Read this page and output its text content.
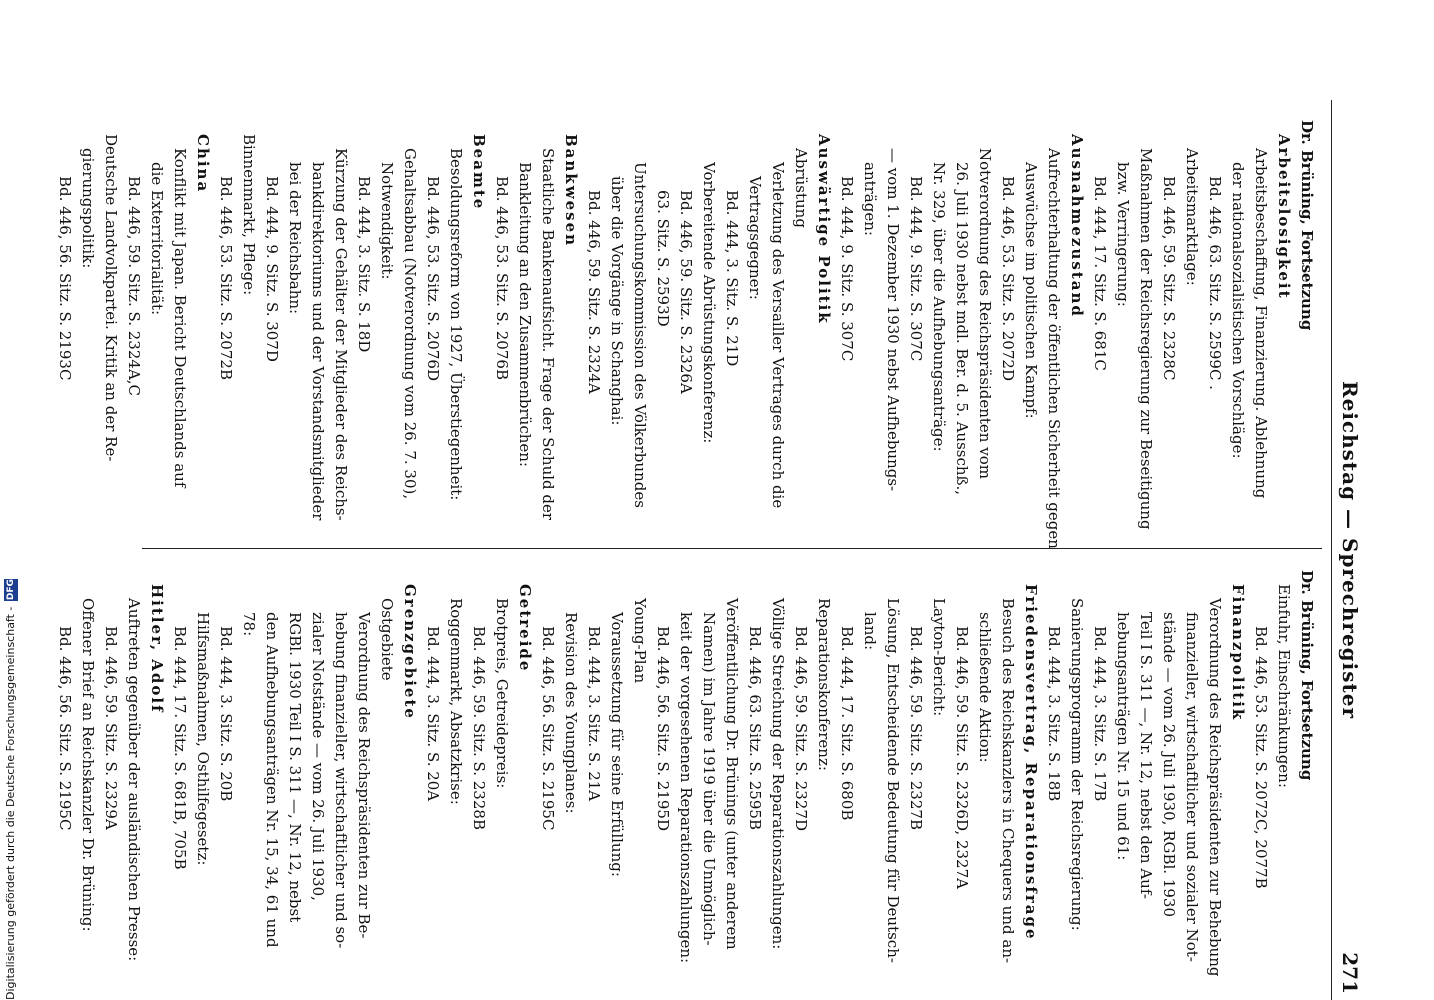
Reichstag — Sprechregister
271
Dr. Brüning, Fortsetzung
Arbeitslosigkeit
Arbeitsbeschaffung, Finanzierung. Ablehnung
der nationalsozialistischen Vorschläge:
Bd. 446, 63. Sitz. S. 2599C .
Arbeitsmarktlage:
Bd. 446, 59. Sitz. S. 2328C
Maßnahmen der Reichsregierung zur Beseitigung
bzw. Verringerung:
Bd. 444, 17. Sitz. S. 681C
Ausnahmezustand
Aufrechterhaltung der öffentlichen Sicherheit gegen
Auswüchse im politischen Kampf:
Bd. 446, 53. Sitz. S. 2072D
Notverordnung des Reichspräsidenten vom
26. Juli 1930 nebst mdl. Ber. d. 5. Ausschß.,
Nr. 329, über die Aufhebungsanträge:
Bd. 444, 9. Sitz. S. 307C
— vom 1. Dezember 1930 nebst Aufhebungs-
anträgen:
Bd. 444, 9. Sitz. S. 307C
Auswärtige Politik
Abrüstung
Verletzung des Versailler Vertrages durch die
Vertragsgegner:
Bd. 444, 3. Sitz. S. 21D
Vorbereitende Abrüstungskonferenz:
Bd. 446, 59. Sitz. S. 2326A
63. Sitz. S. 2593D
Untersuchungskommission des Völkerbundes
über die Vorgänge in Schanghai:
Bd. 446, 59. Sitz. S. 2324A
Bankwesen
Staatliche Bankenaufsicht. Frage der Schuld der
Bankleitung an den Zusammenbrüchen:
Bd. 446, 53. Sitz. S. 2076B
Beamte
Besoldungsreform von 1927, Überstiegenheit:
Bd. 446, 53. Sitz. S. 2076D
Gehaltsabbau (Notverordnung vom 26. 7. 30),
Notwendigkeit:
Bd. 444, 3. Sitz. S. 18D
Kürzung der Gehälter der Mitglieder des Reichs-
bankdirektoriums und der Vorstandsmitglieder
bei der Reichsbahn:
Bd. 444, 9. Sitz. S. 307D
Binnenmarkt, Pflege:
Bd. 446, 53. Sitz. S. 2072B
China
Konflikt mit Japan. Bericht Deutschlands auf
die Exterritorialität:
Bd. 446, 59. Sitz. S. 2324A,C
Deutsche Landvolkpartei. Kritik an der Re-
gierungspolitik:
Bd. 446, 56. Sitz. S. 2193C
Dr. Brüning, Fortsetzung
Einfuhr, Einschränkungen:
Bd. 446, 53. Sitz. S. 2072C, 2077B
Finanzpolitik
Verordnung des Reichspräsidenten zur Behebung
finanzieller, wirtschaftlicher und sozialer Not-
stände — vom 26. Juli 1930, RGBl. 1930
Teil I S. 311 —, Nr. 12, nebst den Auf-
hebungsanträgen Nr. 15 und 61:
Bd. 444, 3. Sitz. S. 17B
Sanierungsprogramm der Reichsregierung:
Bd. 444, 3. Sitz. S. 18B
Friedensvertrag, Reparationsfrage
Besuch des Reichskanzlers in Chequers und an-
schließende Aktion:
Bd. 446, 59. Sitz. S. 2326D, 2327A
Layton-Bericht:
Bd. 446, 59. Sitz. S. 2327B
Lösung, Entscheidende Bedeutung für Deutsch-
land:
Bd. 444, 17. Sitz. S. 680B
Reparationskonferenz:
Bd. 446, 59. Sitz. S. 2327D
Völlige Streichung der Reparationszahlungen:
Bd. 446, 63. Sitz. S. 2595B
Veröffentlichung Dr. Brünings (unter anderem
Namen) im Jahre 1919 über die Unmöglich-
keit der vorgesehenen Reparationszahlungen:
Bd. 446, 56. Sitz. S. 2195D
Young-Plan
Voraussetzung für seine Erfüllung:
Bd. 444, 3. Sitz. S. 21A
Revision des Youngplanes:
Bd. 446, 56. Sitz. S. 2195C
Getreide
Brotpreis, Getreidepreis:
Bd. 446, 59. Sitz. S. 2328B
Roggenmarkt, Absatzkrise:
Bd. 444, 3. Sitz. S. 20A
Grenzgebiete
Ostgebiete
Verordnung des Reichspräsidenten zur Be-
hebung finanzieller, wirtschaftlicher und so-
zialer Notstände — vom 26. Juli 1930,
RGBl. 1930 Teil I S. 311 —, Nr. 12, nebst
den Aufhebungsanträgen Nr. 15, 34, 61 und
78:
Bd. 444, 3. Sitz. S. 20B
Hilfsmaßnahmen, Osthilfegesetz:
Bd. 444, 17. Sitz. S. 681B, 705B
Hitler, Adolf
Auftreten gegenüber der ausländischen Presse:
Bd. 446, 59. Sitz. S. 2329A
Offener Brief an Reichskanzler Dr. Brüning:
Bd. 446, 56. Sitz. S. 2195C
Digitalisierung gefördert durch die Deutsche Forschungsgemeinschaft -DFG
